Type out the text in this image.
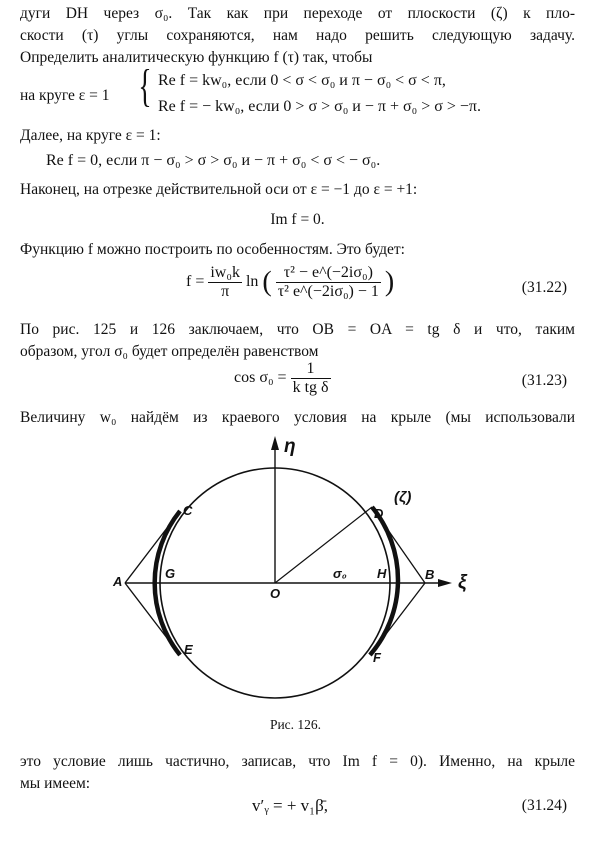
дуги DH через σ₀. Так как при переходе от плоскости (ζ) к пло-
скости (τ) углы сохраняются, нам надо решить следующую задачу.
Определить аналитическую функцию f (τ) так, чтобы
на круге ε = 1 { Re f = kw₀, если 0 < σ < σ₀ и π − σ₀ < σ < π,
Re f = − kw₀, если 0 > σ > σ₀ и − π + σ₀ > σ > −π.
Далее, на круге ε = 1:
Re f = 0, если π − σ₀ > σ > σ₀ и − π + σ₀ < σ < − σ₀.
Наконец, на отрезке действительной оси от ε = −1 до ε = +1:
Im f = 0.
Функцию f можно построить по особенностям. Это будет:
$f = \frac{\text{iw₀k}}{\pi}$ ln ( $\frac{\text{τ² − e\textasciicircum{}(−2iσ₀)}}{\text{τ² e\textasciicircum{}(−2iσ₀) − 1}}$ )	(31.22)
По рис. 125 и 126 заключаем, что OB = OA = tg δ и что, таким
образом, угол σ₀ будет определён равенством
$\cos \sigma_0 = \frac{1}{\text{k tg δ}}$	(31.23)
Величину w₀ найдём из краевого условия на крыле (мы использовали
η
ξ
(ζ)
A	B
C	D
E
F
G	H
O
σ₀
Рис. 126.
это условие лишь частично, записав, что Im f = 0). Именно, на крыле
мы имеем:
v′ᵧ = + v₁β̄,	(31.24)
